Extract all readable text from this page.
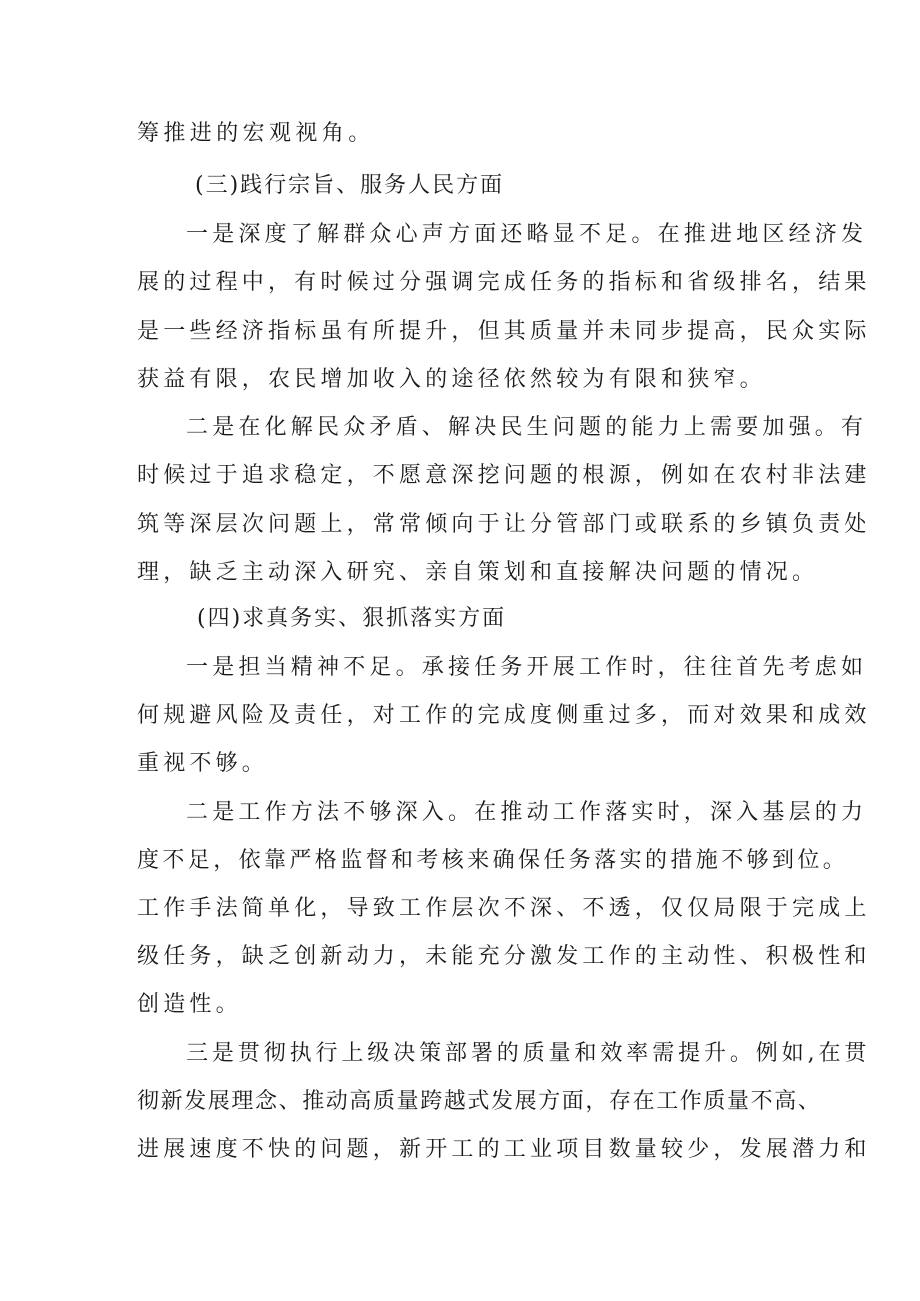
筹推进的宏观视角。
(三)践行宗旨、服务人民方面
一是深度了解群众心声方面还略显不足。在推进地区经济发
展的过程中，有时候过分强调完成任务的指标和省级排名，结果
是一些经济指标虽有所提升，但其质量并未同步提高，民众实际
获益有限，农民增加收入的途径依然较为有限和狭窄。
二是在化解民众矛盾、解决民生问题的能力上需要加强。有
时候过于追求稳定，不愿意深挖问题的根源，例如在农村非法建
筑等深层次问题上，常常倾向于让分管部门或联系的乡镇负责处
理，缺乏主动深入研究、亲自策划和直接解决问题的情况。
(四)求真务实、狠抓落实方面
一是担当精神不足。承接任务开展工作时，往往首先考虑如
何规避风险及责任，对工作的完成度侧重过多，而对效果和成效
重视不够。
二是工作方法不够深入。在推动工作落实时，深入基层的力
度不足，依靠严格监督和考核来确保任务落实的措施不够到位。
工作手法简单化，导致工作层次不深、不透，仅仅局限于完成上
级任务，缺乏创新动力，未能充分激发工作的主动性、积极性和
创造性。
三是贯彻执行上级决策部署的质量和效率需提升。例如,在贯
彻新发展理念、推动高质量跨越式发展方面，存在工作质量不高、
进展速度不快的问题，新开工的工业项目数量较少，发展潜力和
